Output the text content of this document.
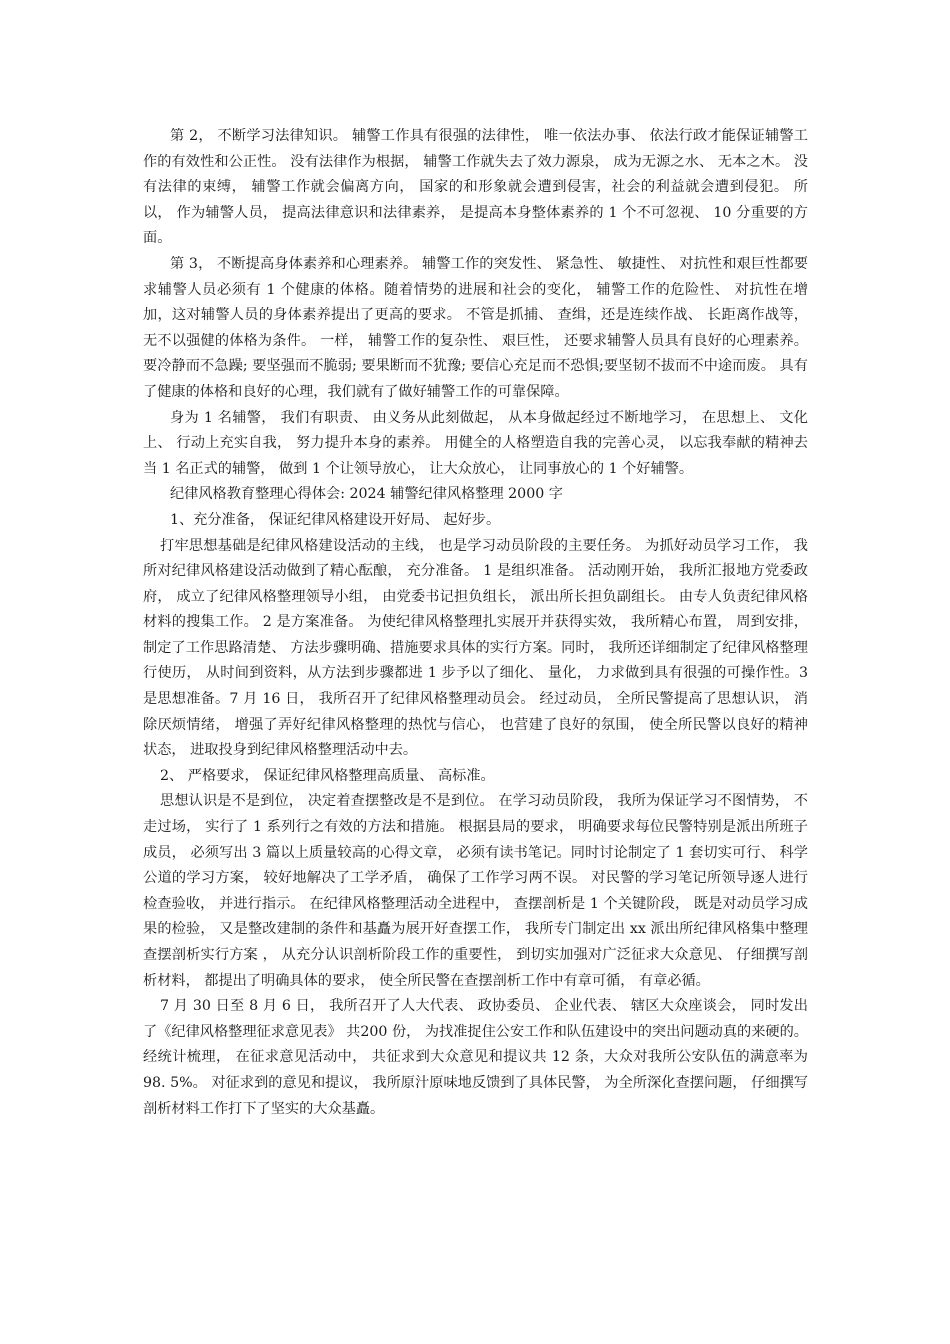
第 2， 不断学习法律知识。 辅警工作具有很强的法律性， 唯一依法办事、 依法行政才能保证辅警工作的有效性和公正性。 没有法律作为根据， 辅警工作就失去了效力源泉， 成为无源之水、 无本之木。 没有法律的束缚， 辅警工作就会偏离方向， 国家的和形象就会遭到侵害，社会的利益就会遭到侵犯。 所以， 作为辅警人员， 提高法律意识和法律素养， 是提高本身整体素养的 1 个不可忽视、 10 分重要的方面。

第 3， 不断提高身体素养和心理素养。 辅警工作的突发性、 紧急性、 敏捷性、 对抗性和艰巨性都要求辅警人员必须有 1 个健康的体格。随着情势的进展和社会的变化， 辅警工作的危险性、 对抗性在增加，这对辅警人员的身体素养提出了更高的要求。 不管是抓捕、 查缉，还是连续作战、 长距离作战等， 无不以强健的体格为条件。 一样， 辅警工作的复杂性、 艰巨性， 还要求辅警人员具有良好的心理素养。 要冷静而不急躁; 要坚强而不脆弱; 要果断而不犹豫; 要信心充足而不恐惧;要坚韧不拔而不中途而废。 具有了健康的体格和良好的心理，我们就有了做好辅警工作的可靠保障。

身为 1 名辅警， 我们有职责、 由义务从此刻做起， 从本身做起经过不断地学习， 在思想上、 文化上、 行动上充实自我， 努力提升本身的素养。 用健全的人格塑造自我的完善心灵， 以忘我奉献的精神去当 1 名正式的辅警， 做到 1 个让领导放心， 让大众放心， 让同事放心的 1 个好辅警。

纪律风格教育整理心得体会: 2024 辅警纪律风格整理 2000 字

1、充分准备， 保证纪律风格建设开好局、 起好步。

打牢思想基础是纪律风格建设活动的主线， 也是学习动员阶段的主要任务。 为抓好动员学习工作， 我所对纪律风格建设活动做到了精心酝酿， 充分准备。 1 是组织准备。 活动刚开始， 我所汇报地方党委政府， 成立了纪律风格整理领导小组， 由党委书记担负组长， 派出所长担负副组长。 由专人负责纪律风格材料的搜集工作。 2 是方案准备。 为使纪律风格整理扎实展开并获得实效， 我所精心布置， 周到安排， 制定了工作思路清楚、 方法步骤明确、措施要求具体的实行方案。同时， 我所还详细制定了纪律风格整理行使历， 从时间到资料，从方法到步骤都进 1 步予以了细化、 量化， 力求做到具有很强的可操作性。3 是思想准备。7 月 16 日， 我所召开了纪律风格整理动员会。 经过动员， 全所民警提高了思想认识， 消除厌烦情绪， 增强了弄好纪律风格整理的热忱与信心， 也营建了良好的氛围， 使全所民警以良好的精神状态， 进取投身到纪律风格整理活动中去。

2、 严格要求， 保证纪律风格整理高质量、 高标准。

思想认识是不是到位， 决定着查摆整改是不是到位。 在学习动员阶段， 我所为保证学习不图情势， 不走过场， 实行了 1 系列行之有效的方法和措施。 根据县局的要求， 明确要求每位民警特别是派出所班子成员， 必须写出 3 篇以上质量较高的心得文章， 必须有读书笔记。同时讨论制定了 1 套切实可行、 科学公道的学习方案， 较好地解决了工学矛盾， 确保了工作学习两不误。 对民警的学习笔记所领导逐人进行检查验收， 并进行指示。 在纪律风格整理活动全进程中， 查摆剖析是 1 个关键阶段， 既是对动员学习成果的检验， 又是整改建制的条件和基矗为展开好查摆工作， 我所专门制定出 xx 派出所纪律风格集中整理查摆剖析实行方案 ， 从充分认识剖析阶段工作的重要性， 到切实加强对广泛征求大众意见、 仔细撰写剖析材料， 都提出了明确具体的要求， 使全所民警在查摆剖析工作中有章可循， 有章必循。

7 月 30 日至 8 月 6 日， 我所召开了人大代表、 政协委员、 企业代表、 辖区大众座谈会， 同时发出了《纪律风格整理征求意见表》 共200 份， 为找准捉住公安工作和队伍建设中的突出问题动真的来硬的。经统计梳理， 在征求意见活动中， 共征求到大众意见和提议共 12 条，大众对我所公安队伍的满意率为 98. 5%。 对征求到的意见和提议， 我所原汁原味地反馈到了具体民警， 为全所深化查摆问题， 仔细撰写剖析材料工作打下了坚实的大众基矗。
